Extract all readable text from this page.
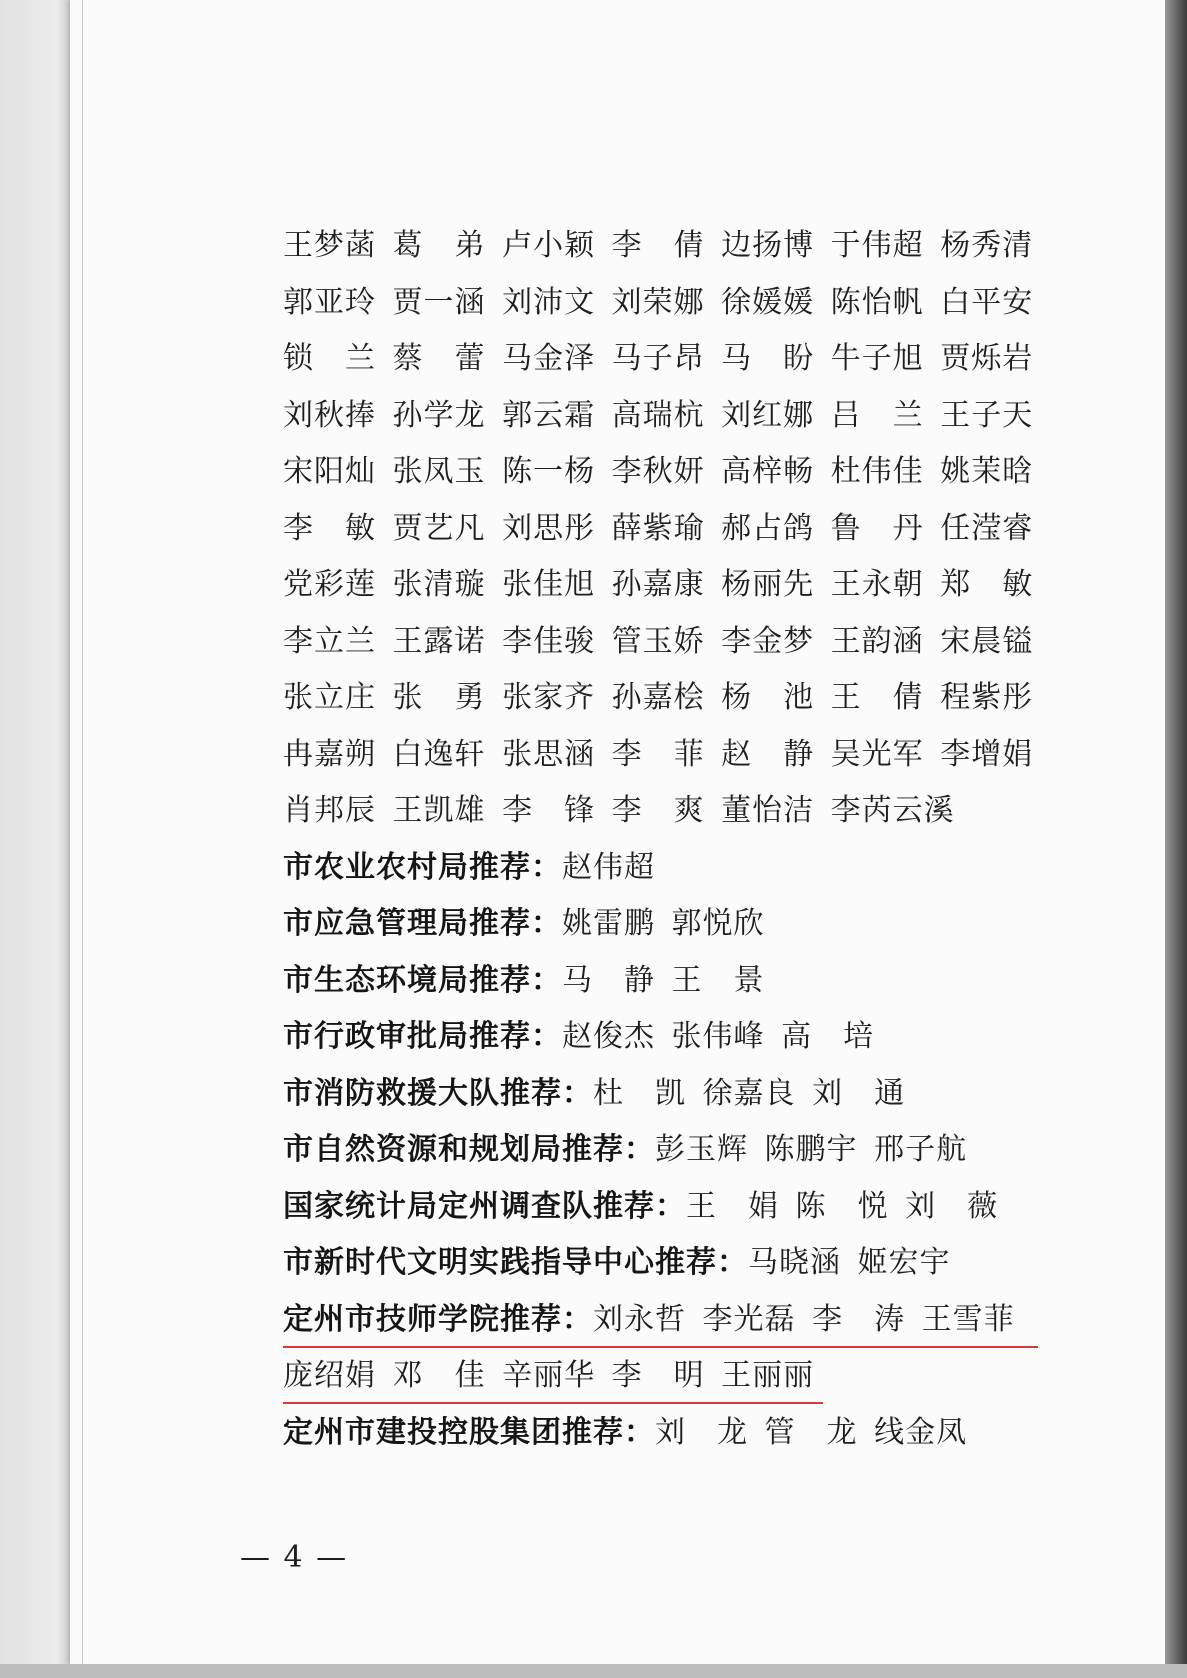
王梦菡 葛　弟 卢小颖 李　倩 边扬博 于伟超 杨秀清
郭亚玲 贾一涵 刘沛文 刘荣娜 徐媛媛 陈怡帆 白平安
锁　兰 蔡　蕾 马金泽 马子昂 马　盼 牛子旭 贾烁岩
刘秋捧 孙学龙 郭云霜 高瑞杭 刘红娜 吕　兰 王子天
宋阳灿 张凤玉 陈一杨 李秋妍 高梓畅 杜伟佳 姚茉晗
李　敏 贾艺凡 刘思彤 薛紫瑜 郝占鸽 鲁　丹 任滢睿
党彩莲 张清璇 张佳旭 孙嘉康 杨丽先 王永朝 郑　敏
李立兰 王露诺 李佳骏 管玉娇 李金梦 王韵涵 宋晨镒
张立庄 张　勇 张家齐 孙嘉桧 杨　池 王　倩 程紫彤
冉嘉朔 白逸轩 张思涵 李　菲 赵　静 吴光军 李增娟
肖邦辰 王凯雄 李　锋 李　爽 董怡洁 李芮云溪
市农业农村局推荐：赵伟超
市应急管理局推荐：姚雷鹏 郭悦欣
市生态环境局推荐：马　静 王　景
市行政审批局推荐：赵俊杰 张伟峰 高　培
市消防救援大队推荐：杜　凯 徐嘉良 刘　通
市自然资源和规划局推荐：彭玉辉 陈鹏宇 邢子航
国家统计局定州调查队推荐：王　娟 陈　悦 刘　薇
市新时代文明实践指导中心推荐：马晓涵 姬宏宇
定州市技师学院推荐：刘永哲 李光磊 李　涛 王雪菲
庞绍娟 邓　佳 辛丽华 李　明 王丽丽
定州市建投控股集团推荐：刘　龙 管　龙 线金凤
— 4 —
